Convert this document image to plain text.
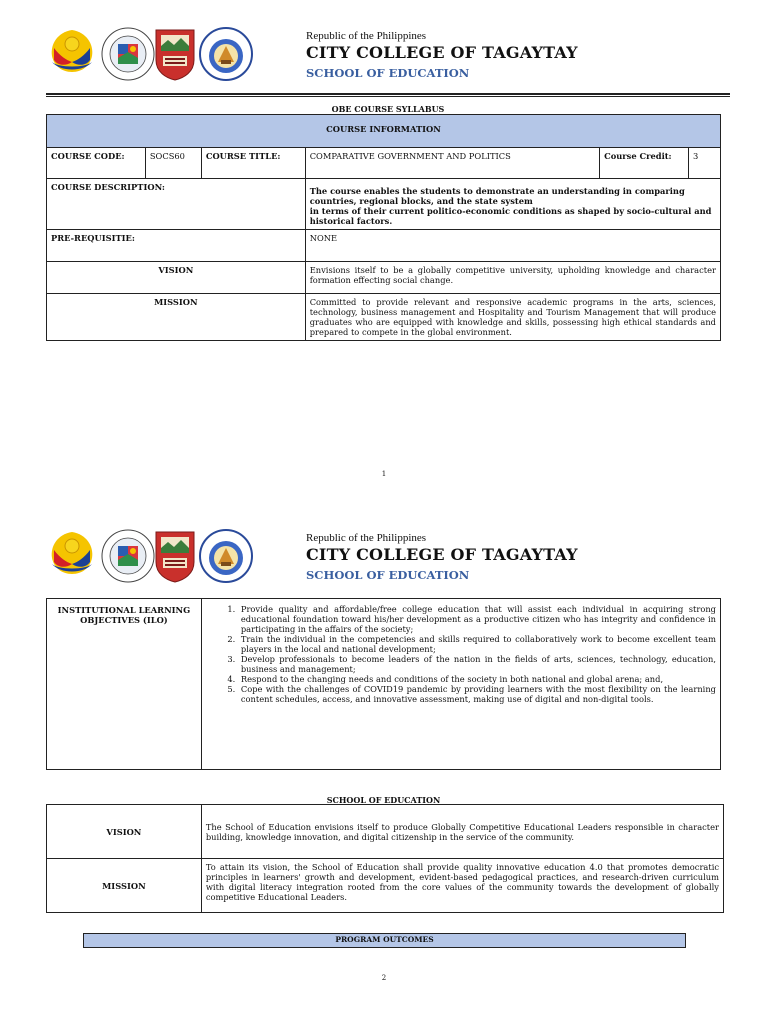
Republic of the Philippines
CITY COLLEGE OF TAGAYTAY
SCHOOL OF EDUCATION
OBE COURSE SYLLABUS
COURSE INFORMATION					
COURSE CODE:	SOCS60	COURSE TITLE:	COMPARATIVE GOVERNMENT AND POLITICS	Course Credit:	3
COURSE DESCRIPTION:			The course enables the students to demonstrate an understanding in comparing countries, regional blocks, and the state system
in terms of their current politico-economic conditions as shaped by socio-cultural and historical factors.		

PRE-REQUISITIE:			NONE		
VISION			Envisions itself to be a globally competitive university, upholding knowledge and character formation effecting social change.		
MISSION			Committed to provide relevant and responsive academic programs in the arts, sciences, technology, business management and Hospitality and Tourism Management that will produce graduates who are equipped with knowledge and skills, possessing high ethical standards and prepared to compete in the global environment.		
1
Republic of the Philippines
CITY COLLEGE OF TAGAYTAY
SCHOOL OF EDUCATION
INSTITUTIONAL LEARNING OBJECTIVES (ILO)	
1. Provide quality and affordable/free college education that will assist each individual in acquiring strong educational foundation toward his/her development as a productive citizen who has integrity and confidence in participating in the affairs of the society;
2. Train the individual in the competencies and skills required to collaboratively work to become excellent team players in the local and national development;
3. Develop professionals to become leaders of the nation in the fields of arts, sciences, technology, education, business and management;
4. Respond to the changing needs and conditions of the society in both national and global arena; and,
5. Cope with the challenges of COVID19 pandemic by providing learners with the most flexibility on the learning content schedules, access, and innovative assessment, making use of digital and non-digital tools.
SCHOOL OF EDUCATION
VISION	The School of Education envisions itself to produce Globally Competitive Educational Leaders responsible in character building, knowledge innovation, and digital citizenship in the service of the community.
MISSION	To attain its vision, the School of Education shall provide quality innovative education 4.0 that promotes democratic principles in learners' growth and development, evident-based pedagogical practices, and research-driven curriculum with digital literacy integration rooted from the core values of the community towards the development of globally competitive Educational Leaders.
PROGRAM OUTCOMES
2
